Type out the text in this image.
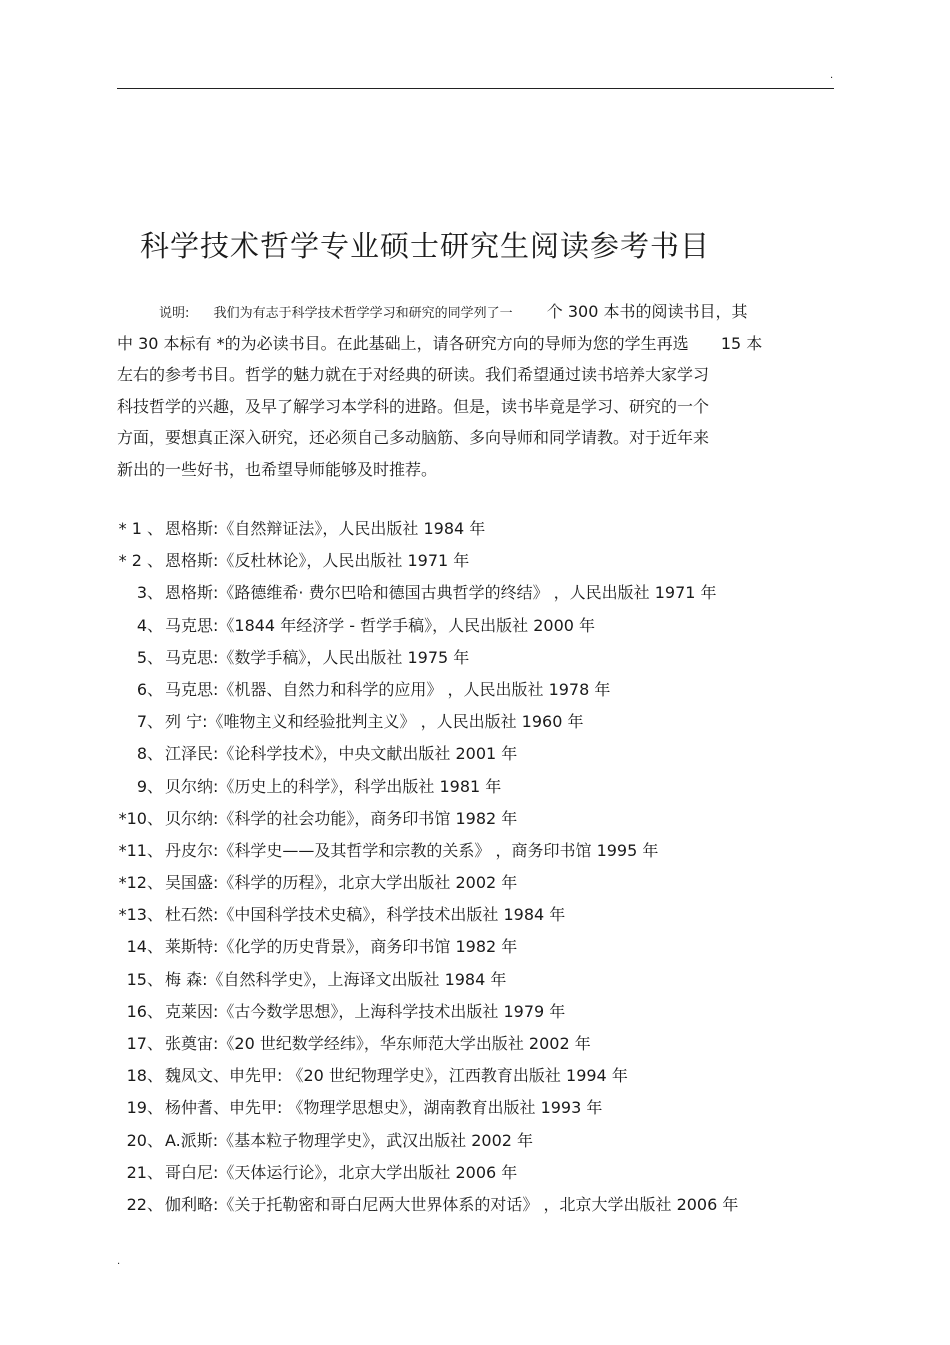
.
科学技术哲学专业硕士研究生阅读参考书目
说明: 我们为有志于科学技术哲学学习和研究的同学列了一 个 300 本书的阅读书目，其
中 30 本标有 *的为必读书目。在此基础上，请各研究方向的导师为您的学生再选 15 本
左右的参考书目。哲学的魅力就在于对经典的研读。我们希望通过读书培养大家学习
科技哲学的兴趣，及早了解学习本学科的进路。但是，读书毕竟是学习、研究的一个
方面，要想真正深入研究，还必须自己多动脑筋、多向导师和同学请教。对于近年来
新出的一些好书，也希望导师能够及时推荐。
* 1 、 恩格斯:《自然辩证法》，人民出版社 1984 年
* 2 、 恩格斯:《反杜林论》，人民出版社 1971 年
3、 恩格斯:《路德维希· 费尔巴哈和德国古典哲学的终结》 ，人民出版社 1971 年
4、 马克思:《1844 年经济学 - 哲学手稿》，人民出版社 2000 年
5、 马克思:《数学手稿》，人民出版社 1975 年
6、 马克思:《机器、自然力和科学的应用》 ，人民出版社 1978 年
7、 列 宁:《唯物主义和经验批判主义》 ，人民出版社 1960 年
8、 江泽民:《论科学技术》，中央文献出版社 2001 年
9、 贝尔纳:《历史上的科学》，科学出版社 1981 年
*10、 贝尔纳:《科学的社会功能》，商务印书馆 1982 年
*11、 丹皮尔:《科学史——及其哲学和宗教的关系》 ，商务印书馆 1995 年
*12、 吴国盛:《科学的历程》，北京大学出版社 2002 年
*13、 杜石然:《中国科学技术史稿》，科学技术出版社 1984 年
14、 莱斯特:《化学的历史背景》，商务印书馆 1982 年
15、 梅 森:《自然科学史》，上海译文出版社 1984 年
16、 克莱因:《古今数学思想》，上海科学技术出版社 1979 年
17、 张奠宙:《20 世纪数学经纬》，华东师范大学出版社 2002 年
18、 魏凤文、申先甲: 《20 世纪物理学史》，江西教育出版社 1994 年
19、 杨仲耆、申先甲: 《物理学思想史》，湖南教育出版社 1993 年
20、 A.派斯:《基本粒子物理学史》，武汉出版社 2002 年
21、 哥白尼:《天体运行论》，北京大学出版社 2006 年
22、 伽利略:《关于托勒密和哥白尼两大世界体系的对话》 ，北京大学出版社 2006 年
.
